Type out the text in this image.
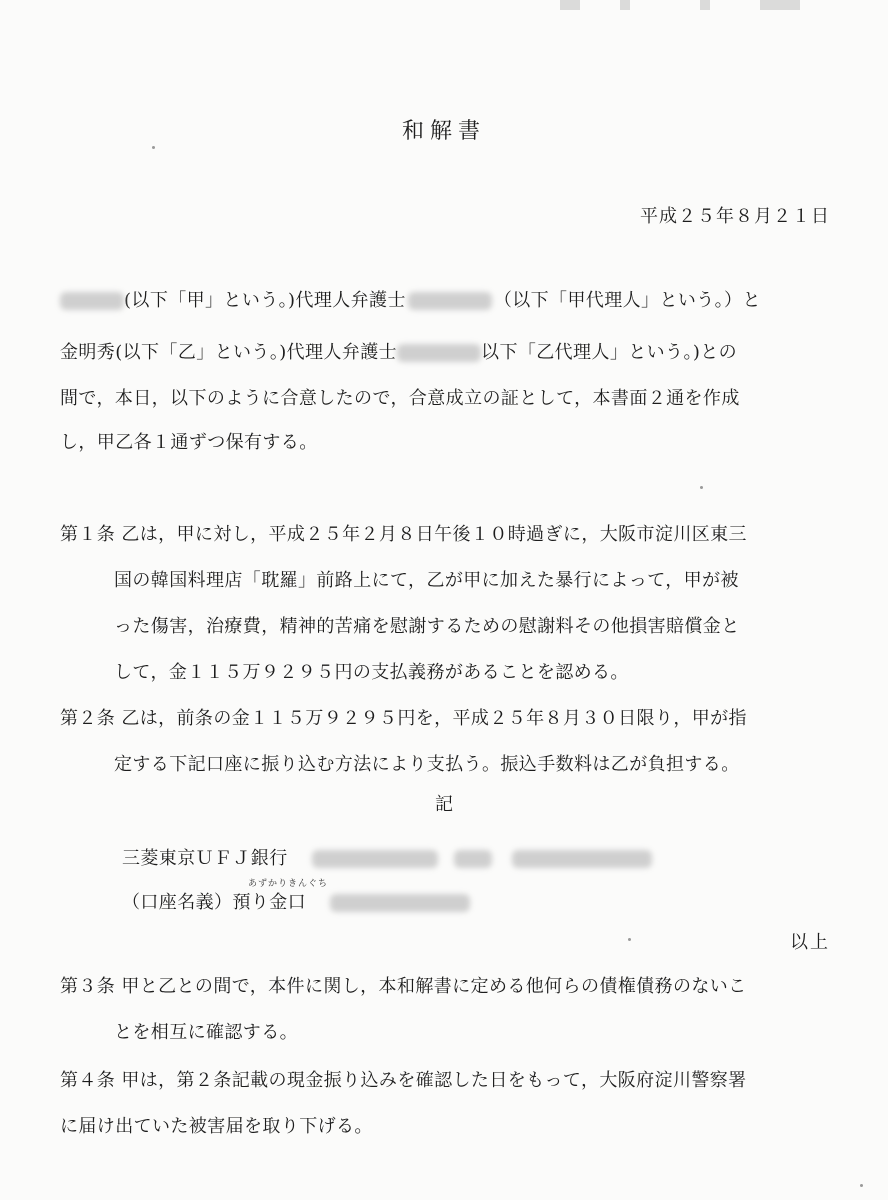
和解書
平成２５年８月２１日
(以下「甲」という。)代理人弁護士	（以下「甲代理人」という。）と
金明秀(以下「乙」という。)代理人弁護士	以下「乙代理人」という。)との
間で，本日，以下のように合意したので，合意成立の証として，本書面２通を作成
し，甲乙各１通ずつ保有する。
第１条 乙は，甲に対し，平成２５年２月８日午後１０時過ぎに，大阪市淀川区東三
国の韓国料理店「耽羅」前路上にて，乙が甲に加えた暴行によって，甲が被
った傷害，治療費，精神的苦痛を慰謝するための慰謝料その他損害賠償金と
して，金１１５万９２９５円の支払義務があることを認める。
第２条 乙は，前条の金１１５万９２９５円を，平成２５年８月３０日限り，甲が指
定する下記口座に振り込む方法により支払う。振込手数料は乙が負担する。
記
三菱東京ＵＦＪ銀行
あずかりきんぐち
（口座名義）預り金口
以上
第３条 甲と乙との間で，本件に関し，本和解書に定める他何らの債権債務のないこ
とを相互に確認する。
第４条 甲は，第２条記載の現金振り込みを確認した日をもって，大阪府淀川警察署
に届け出ていた被害届を取り下げる。
